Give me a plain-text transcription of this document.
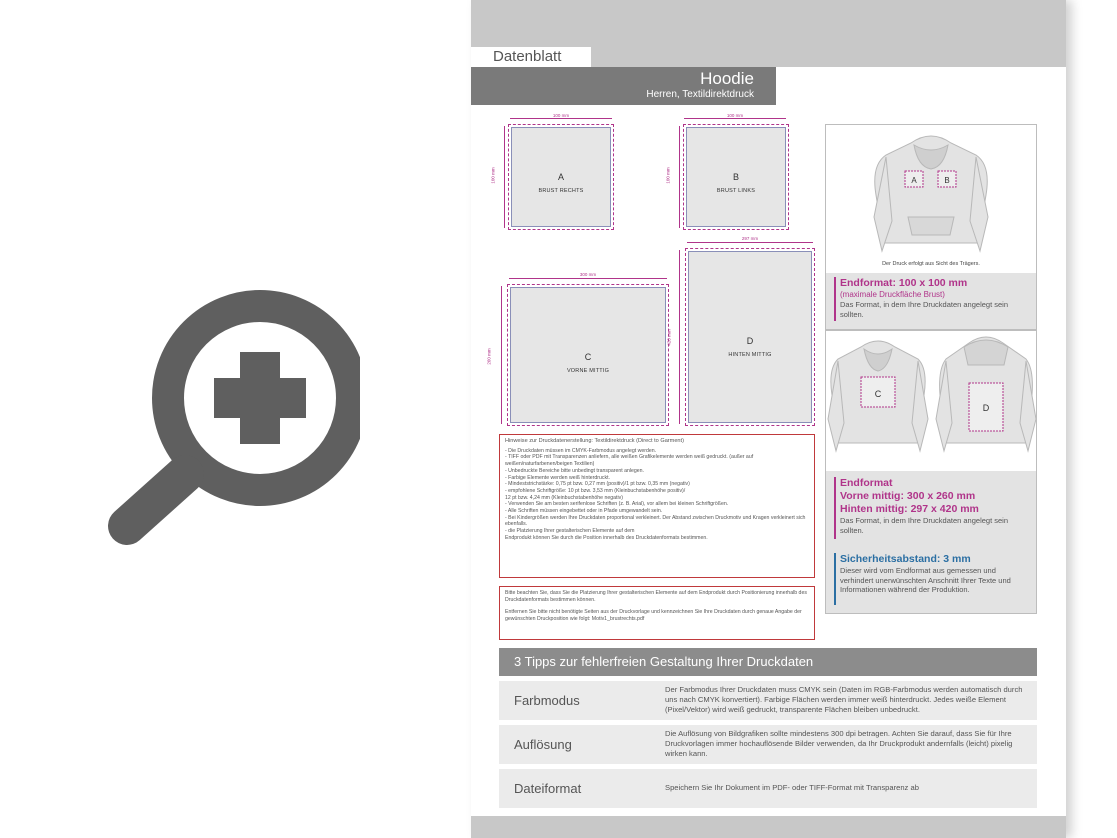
Datenblatt
Hoodie
Herren, Textildirektdruck
100 mm
100 mm	A
BRUST RECHTS
100 mm
100 mm	B
BRUST LINKS
300 mm
260 mm	C
VORNE MITTIG
297 mm
420 mm	D
HINTEN MITTIG
Hinweise zur Druckdatenerstellung: Textildirektdruck (Direct to Garment)
- Die Druckdaten müssen im CMYK-Farbmodus angelegt werden.
- TIFF oder PDF mit Transparenzen anliefern, alle weißen Grafikelemente werden weiß gedruckt. (außer auf weißen/naturfarbenen/beigen Textilien)
- Unbedruckte Bereiche bitte unbedingt transparent anlegen.
- Farbige Elemente werden weiß hinterdruckt.
- Mindeststrichstärke: 0,75 pt bzw. 0,27 mm (positiv)/1 pt bzw. 0,35 mm (negativ)
- empfohlene Schriftgröße: 10 pt bzw. 3,53 mm (Kleinbuchstabenhöhe positiv)/
12 pt bzw. 4,24 mm (Kleinbuchstabenhöhe negativ)
- Verwenden Sie am besten serifenlose Schriften (z. B. Arial), vor allem bei kleinen Schriftgrößen.
- Alle Schriften müssen eingebettet oder in Pfade umgewandelt sein.
- Bei Kindergrößen werden Ihre Druckdaten proportional verkleinert. Der Abstand zwischen Druckmotiv und Kragen verkleinert sich ebenfalls.
- die Platzierung Ihrer gestalterischen Elemente auf dem
Endprodukt können Sie durch die Position innerhalb des Druckdatenformats bestimmen.
Bitte beachten Sie, dass Sie die Platzierung Ihrer gestalterischen Elemente auf dem Endprodukt durch Positionierung innerhalb des Druckdatenformats bestimmen können.
Entfernen Sie bitte nicht benötigte Seiten aus der Druckvorlage und kennzeichnen Sie Ihre Druckdaten durch genaue Angabe der gewünschten Druckposition wie folgt: Motiv1_brustrechts.pdf
A	B
Der Druck erfolgt aus Sicht des Trägers.
Endformat: 100 x 100 mm
(maximale Druckfläche Brust)
Das Format, in dem Ihre Druckdaten angelegt sein sollten.
C
D
Endformat
Vorne mittig: 300 x 260 mm
Hinten mittig: 297 x 420 mm
Das Format, in dem Ihre Druckdaten angelegt sein sollten.
Sicherheitsabstand: 3 mm
Dieser wird vom Endformat aus gemessen und verhindert unerwünschten Anschnitt Ihrer Texte und Informationen während der Produktion.
3 Tipps zur fehlerfreien Gestaltung Ihrer Druckdaten
Farbmodus
Der Farbmodus Ihrer Druckdaten muss CMYK sein (Daten im RGB-Farbmodus werden automatisch durch uns nach CMYK konvertiert). Farbige Flächen werden immer weiß hinterdruckt. Jedes weiße Element (Pixel/Vektor) wird weiß gedruckt, transparente Flächen bleiben unbedruckt.
Auflösung
Die Auflösung von Bildgrafiken sollte mindestens 300 dpi betragen. Achten Sie darauf, dass Sie für Ihre Druckvorlagen immer hochauflösende Bilder verwenden, da Ihr Druckprodukt andernfalls (leicht) pixelig wirken kann.
Dateiformat	Speichern Sie Ihr Dokument im PDF- oder TIFF-Format mit Transparenz ab
